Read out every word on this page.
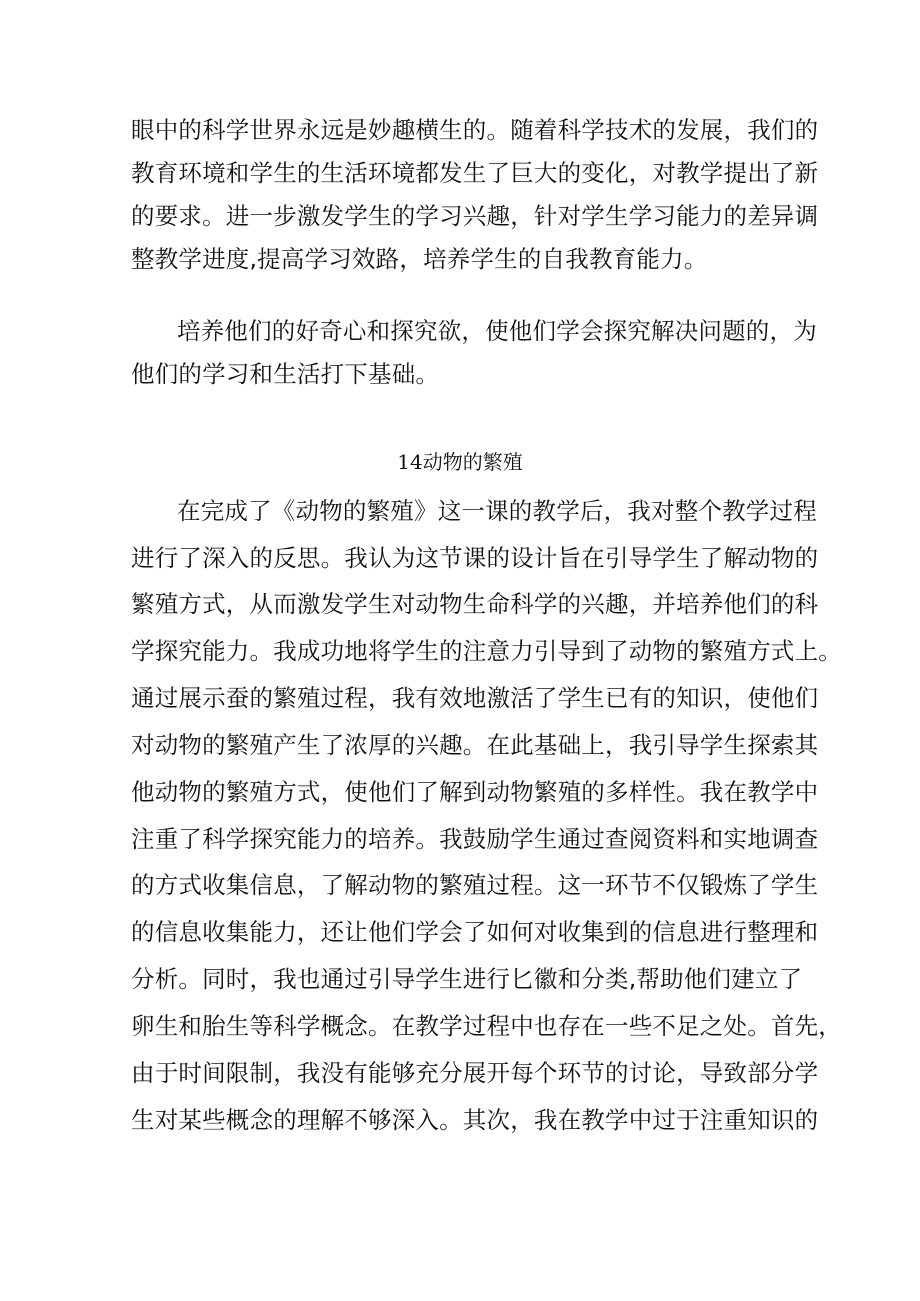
眼中的科学世界永远是妙趣横生的。随着科学技术的发展，我们的
教育环境和学生的生活环境都发生了巨大的变化，对教学提出了新
的要求。进一步激发学生的学习兴趣，针对学生学习能力的差异调
整教学进度,提高学习效路，培养学生的自我教育能力。
培养他们的好奇心和探究欲，使他们学会探究解决问题的，为
他们的学习和生活打下基础。
14动物的繁殖
在完成了《动物的繁殖》这一课的教学后，我对整个教学过程
进行了深入的反思。我认为这节课的设计旨在引导学生了解动物的
繁殖方式，从而激发学生对动物生命科学的兴趣，并培养他们的科
学探究能力。我成功地将学生的注意力引导到了动物的繁殖方式上。
通过展示蚕的繁殖过程，我有效地激活了学生已有的知识，使他们
对动物的繁殖产生了浓厚的兴趣。在此基础上，我引导学生探索其
他动物的繁殖方式，使他们了解到动物繁殖的多样性。我在教学中
注重了科学探究能力的培养。我鼓励学生通过查阅资料和实地调查
的方式收集信息，了解动物的繁殖过程。这一环节不仅锻炼了学生
的信息收集能力，还让他们学会了如何对收集到的信息进行整理和
分析。同时，我也通过引导学生进行匕徽和分类,帮助他们建立了
卵生和胎生等科学概念。在教学过程中也存在一些不足之处。首先，
由于时间限制，我没有能够充分展开每个环节的讨论，导致部分学
生对某些概念的理解不够深入。其次，我在教学中过于注重知识的
